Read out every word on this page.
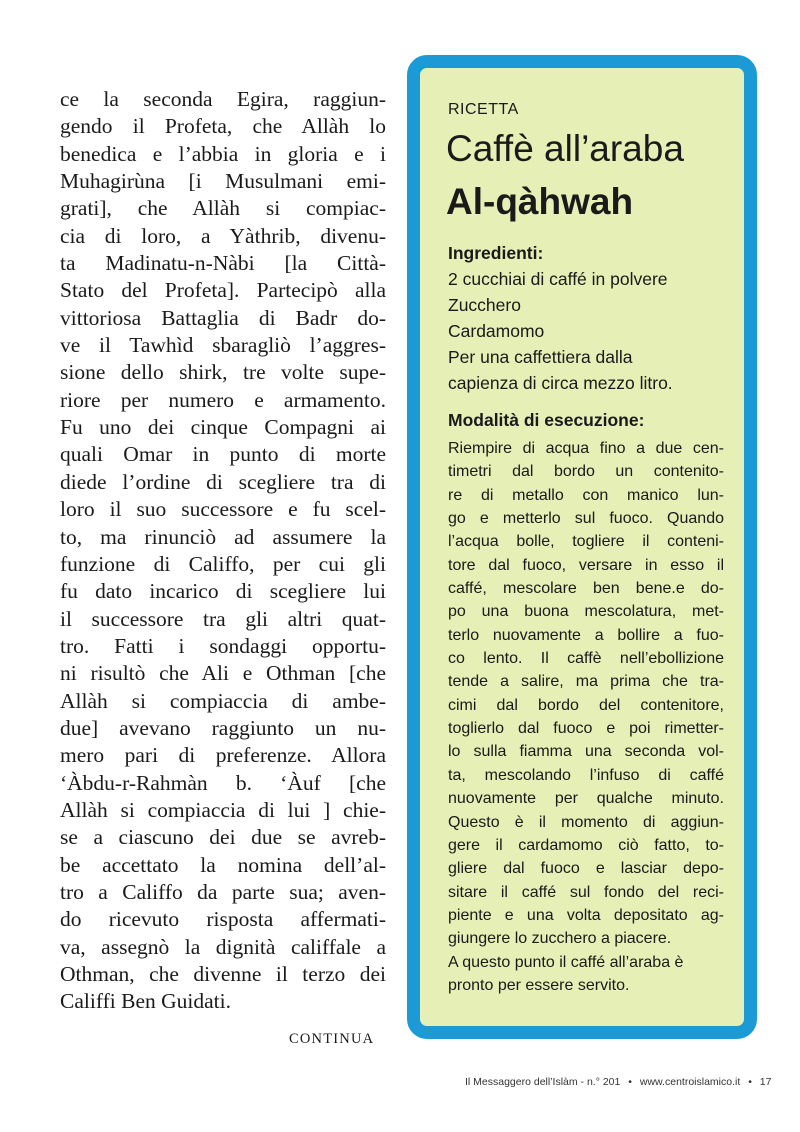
ce la seconda Egira, raggiun-
gendo il Profeta, che Allàh lo
benedica e l’abbia in gloria e i
Muhagirùna [i Musulmani emi-
grati], che Allàh si compiac-
cia di loro, a Yàthrib, divenu-
ta Madinatu-n-Nàbi [la Città-
Stato del Profeta]. Partecipò alla
vittoriosa Battaglia di Badr do-
ve il Tawhìd sbaragliò l’aggres-
sione dello shirk, tre volte supe-
riore per numero e armamento.
Fu uno dei cinque Compagni ai
quali Omar in punto di morte
diede l’ordine di scegliere tra di
loro il suo successore e fu scel-
to, ma rinunciò ad assumere la
funzione di Califfo, per cui gli
fu dato incarico di scegliere lui
il successore tra gli altri quat-
tro. Fatti i sondaggi opportu-
ni risultò che Ali e Othman [che
Allàh si compiaccia di ambe-
due] avevano raggiunto un nu-
mero pari di preferenze. Allora
‘Àbdu-r-Rahmàn b. ‘Àuf [che
Allàh si compiaccia di lui ] chie-
se a ciascuno dei due se avreb-
be accettato la nomina dell’al-
tro a Califfo da parte sua; aven-
do ricevuto risposta affermati-
va, assegnò la dignità califfale a
Othman, che divenne il terzo dei
Califfi Ben Guidati.
CONTINUA
RICETTA
Caffè all’araba
Al-qàhwah
Ingredienti:
2 cucchiai di caffé in polvere
Zucchero
Cardamomo
Per una caffettiera dalla
capienza di circa mezzo litro.
Modalità di esecuzione:
Riempire di acqua fino a due cen-
timetri dal bordo un contenito-
re di metallo con manico lun-
go e metterlo sul fuoco. Quando
l’acqua bolle, togliere il conteni-
tore dal fuoco, versare in esso il
caffé, mescolare ben bene.e do-
po una buona mescolatura, met-
terlo nuovamente a bollire a fuo-
co lento. Il caffè nell’ebollizione
tende a salire, ma prima che tra-
cimi dal bordo del contenitore,
toglierlo dal fuoco e poi rimetter-
lo sulla fiamma una seconda vol-
ta, mescolando l’infuso di caffé
nuovamente per qualche minuto.
Questo è il momento di aggiun-
gere il cardamomo ciò fatto, to-
gliere dal fuoco e lasciar depo-
sitare il caffé sul fondo del reci-
piente e una volta depositato ag-
giungere lo zucchero a piacere.
A questo punto il caffé all’araba è
pronto per essere servito.
Il Messaggero dell’Islàm - n.° 201 • www.centroislamico.it • 17
